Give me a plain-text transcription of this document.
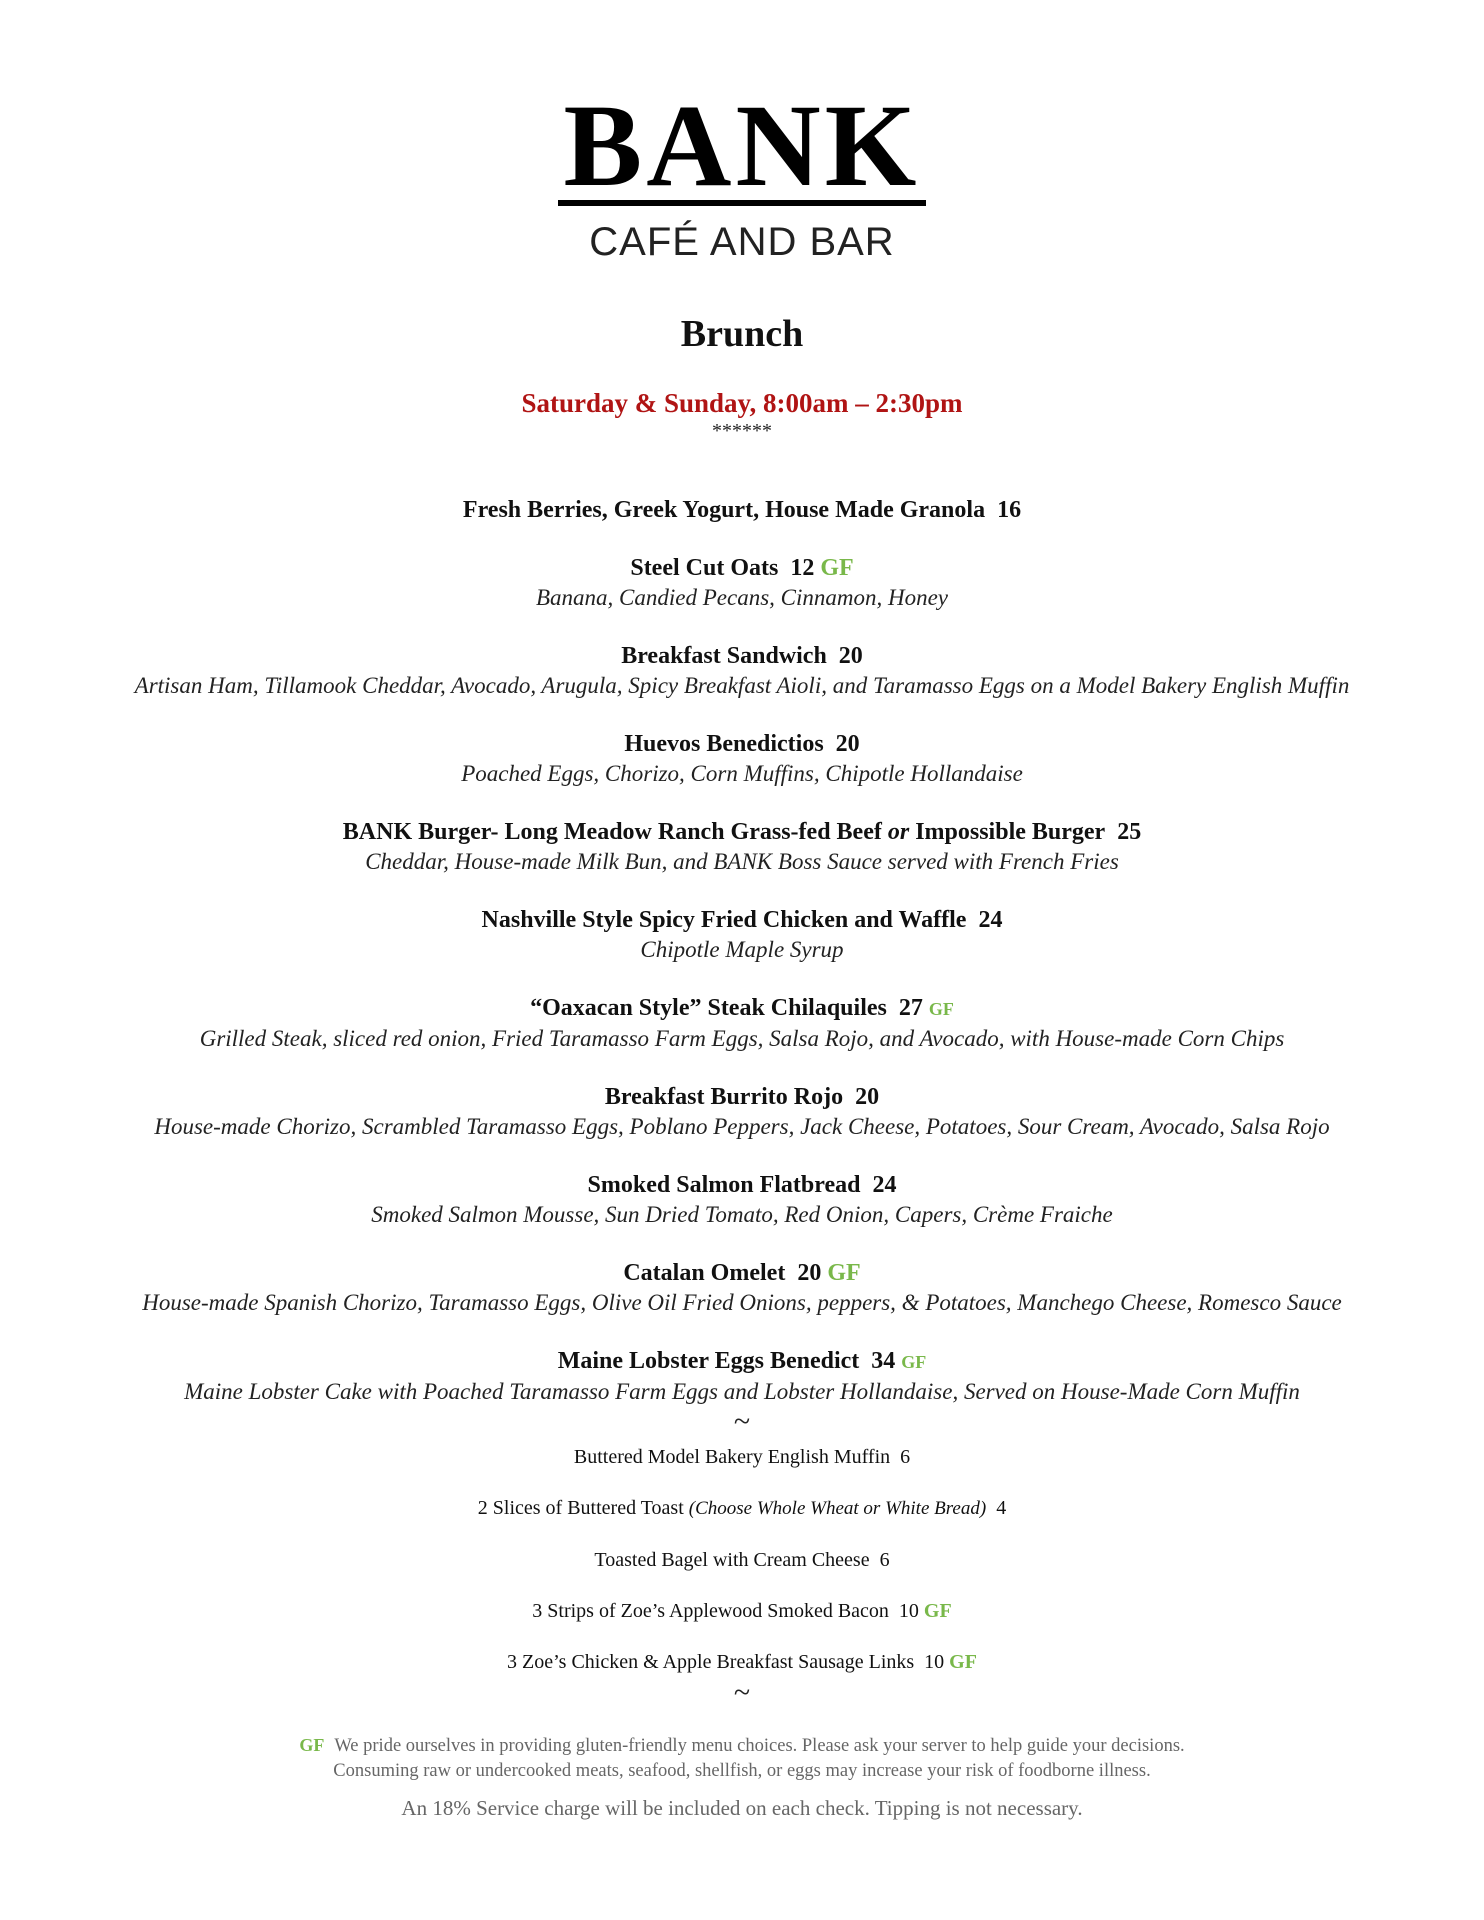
BANK
CAFÉ AND BAR
Brunch
Saturday & Sunday, 8:00am – 2:30pm
******
Fresh Berries, Greek Yogurt, House Made Granola 16
Steel Cut Oats 12 GF
Banana, Candied Pecans, Cinnamon, Honey
Breakfast Sandwich 20
Artisan Ham, Tillamook Cheddar, Avocado, Arugula, Spicy Breakfast Aioli, and Taramasso Eggs on a Model Bakery English Muffin
Huevos Benedictios 20
Poached Eggs, Chorizo, Corn Muffins, Chipotle Hollandaise
BANK Burger- Long Meadow Ranch Grass-fed Beef or Impossible Burger 25
Cheddar, House-made Milk Bun, and BANK Boss Sauce served with French Fries
Nashville Style Spicy Fried Chicken and Waffle 24
Chipotle Maple Syrup
“Oaxacan Style” Steak Chilaquiles 27 GF
Grilled Steak, sliced red onion, Fried Taramasso Farm Eggs, Salsa Rojo, and Avocado, with House-made Corn Chips
Breakfast Burrito Rojo 20
House-made Chorizo, Scrambled Taramasso Eggs, Poblano Peppers, Jack Cheese, Potatoes, Sour Cream, Avocado, Salsa Rojo
Smoked Salmon Flatbread 24
Smoked Salmon Mousse, Sun Dried Tomato, Red Onion, Capers, Crème Fraiche
Catalan Omelet 20 GF
House-made Spanish Chorizo, Taramasso Eggs, Olive Oil Fried Onions, peppers, & Potatoes, Manchego Cheese, Romesco Sauce
Maine Lobster Eggs Benedict 34 GF
Maine Lobster Cake with Poached Taramasso Farm Eggs and Lobster Hollandaise, Served on House-Made Corn Muffin
~
Buttered Model Bakery English Muffin 6
2 Slices of Buttered Toast (Choose Whole Wheat or White Bread) 4
Toasted Bagel with Cream Cheese 6
3 Strips of Zoe’s Applewood Smoked Bacon 10 GF
3 Zoe’s Chicken & Apple Breakfast Sausage Links 10 GF
~
GF We pride ourselves in providing gluten-friendly menu choices. Please ask your server to help guide your decisions.
Consuming raw or undercooked meats, seafood, shellfish, or eggs may increase your risk of foodborne illness.
An 18% Service charge will be included on each check. Tipping is not necessary.
